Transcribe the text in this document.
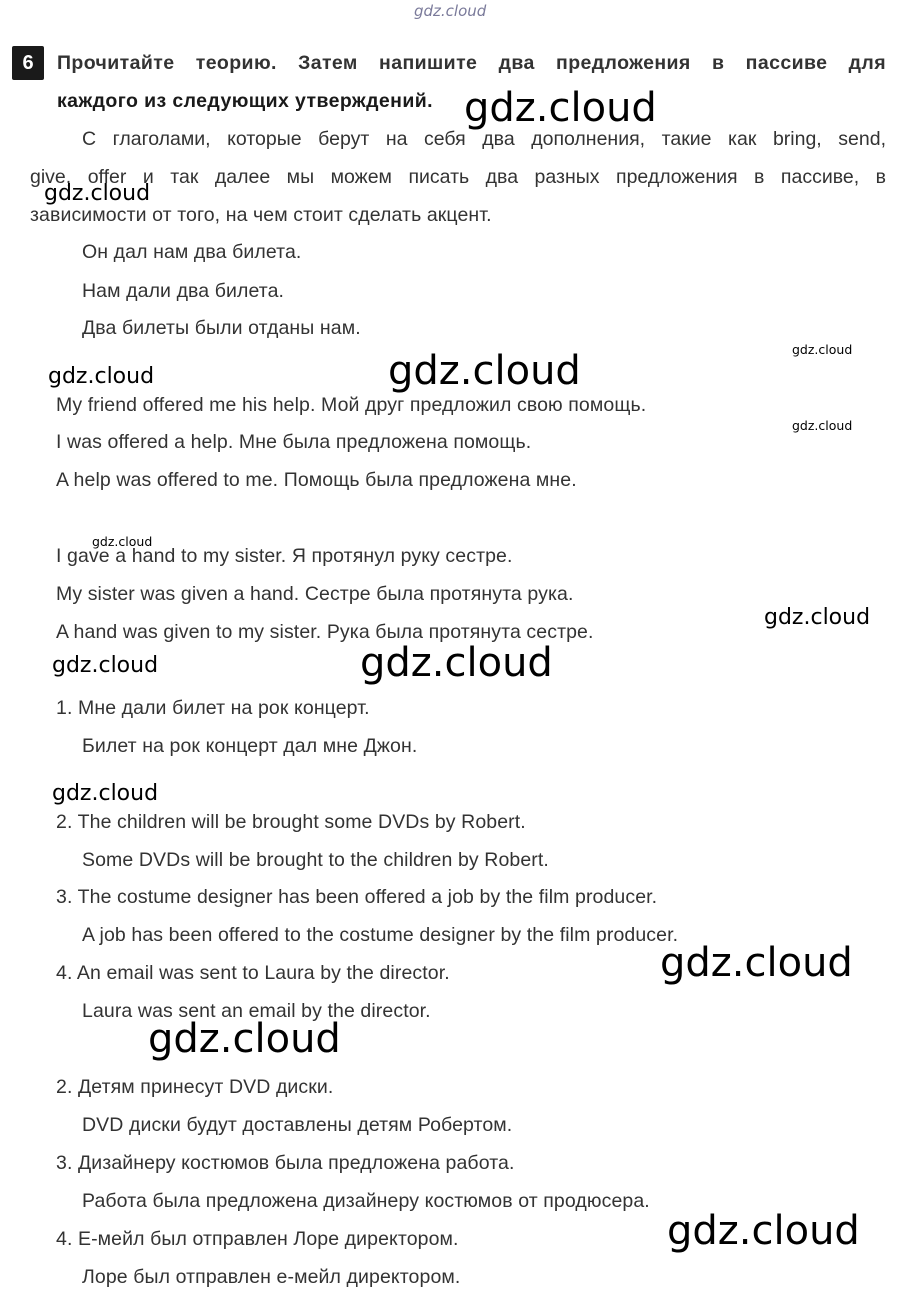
gdz.cloud
6 Прочитайте теорию. Затем напишите два предложения в пассиве для
каждого из следующих утверждений.
С глаголами, которые берут на себя два дополнения, такие как bring, send,
give, offer и так далее мы можем писать два разных предложения в пассиве, в
зависимости от того, на чем стоит сделать акцент.
Он дал нам два билета.
Нам дали два билета.
Два билеты были отданы нам.
My friend offered me his help. Мой друг предложил свою помощь.
I was offered a help. Мне была предложена помощь.
A help was offered to me. Помощь была предложена мне.
I gave a hand to my sister. Я протянул руку сестре.
My sister was given a hand. Сестре была протянута рука.
A hand was given to my sister. Рука была протянута сестре.
1. Мне дали билет на рок концерт.
Билет на рок концерт дал мне Джон.
2. The children will be brought some DVDs by Robert.
Some DVDs will be brought to the children by Robert.
3. The costume designer has been offered a job by the film producer.
A job has been offered to the costume designer by the film producer.
4. An email was sent to Laura by the director.
Laura was sent an email by the director.
2. Детям принесут DVD диски.
DVD диски будут доставлены детям Робертом.
3. Дизайнеру костюмов была предложена работа.
Работа была предложена дизайнеру костюмов от продюсера.
4. Е-мейл был отправлен Лоре директором.
Лоре был отправлен е-мейл директором.
gdz.cloud
gdz.cloud
gdz.cloud
gdz.cloud	gdz.cloud
gdz.cloud
gdz.cloud
gdz.cloud
gdz.cloud	gdz.cloud
gdz.cloud
gdz.cloud
gdz.cloud
gdz.cloud
